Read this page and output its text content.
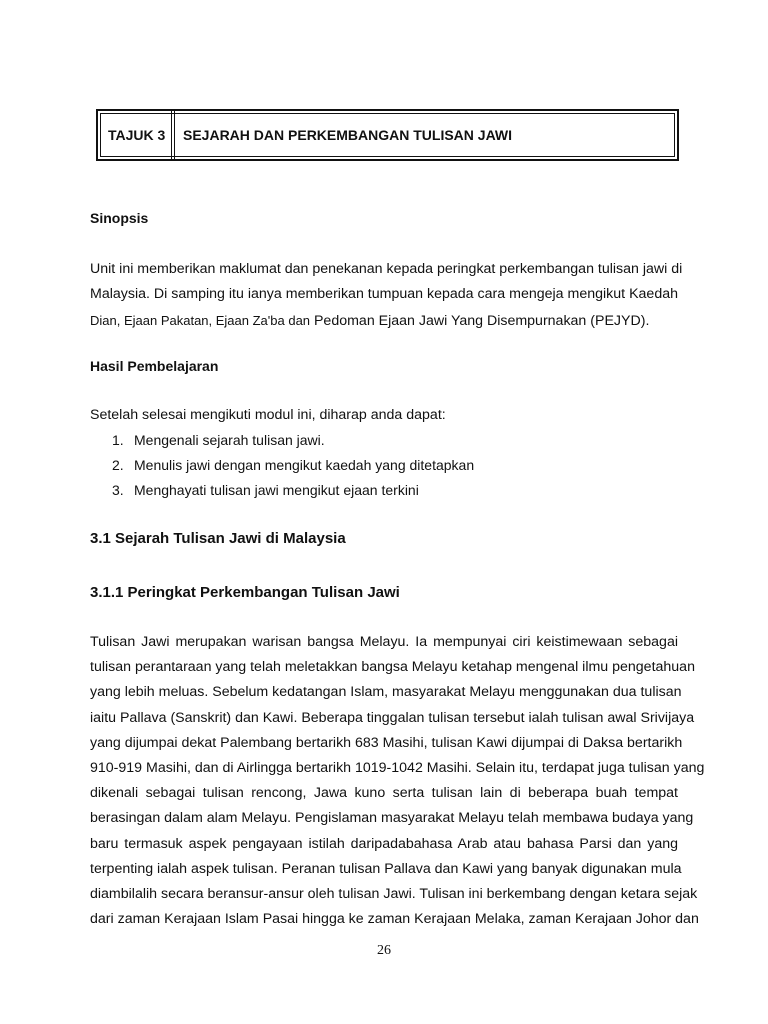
TAJUK 3 SEJARAH DAN PERKEMBANGAN TULISAN JAWI
Sinopsis
Unit ini memberikan maklumat dan penekanan kepada peringkat perkembangan tulisan jawi di
Malaysia. Di samping itu ianya memberikan tumpuan kepada cara mengeja mengikut Kaedah
Dian, Ejaan Pakatan, Ejaan Za'ba dan Pedoman Ejaan Jawi Yang Disempurnakan (PEJYD).
Hasil Pembelajaran
Setelah selesai mengikuti modul ini, diharap anda dapat:
1. Mengenali sejarah tulisan jawi.
2. Menulis jawi dengan mengikut kaedah yang ditetapkan
3. Menghayati tulisan jawi mengikut ejaan terkini
3.1 Sejarah Tulisan Jawi di Malaysia
3.1.1 Peringkat Perkembangan Tulisan Jawi
Tulisan Jawi merupakan warisan bangsa Melayu. Ia mempunyai ciri keistimewaan sebagai
tulisan perantaraan yang telah meletakkan bangsa Melayu ketahap mengenal ilmu pengetahuan
yang lebih meluas. Sebelum kedatangan Islam, masyarakat Melayu menggunakan dua tulisan
iaitu Pallava (Sanskrit) dan Kawi. Beberapa tinggalan tulisan tersebut ialah tulisan awal Srivijaya
yang dijumpai dekat Palembang bertarikh 683 Masihi, tulisan Kawi dijumpai di Daksa bertarikh
910-919 Masihi, dan di Airlingga bertarikh 1019-1042 Masihi. Selain itu, terdapat juga tulisan yang
dikenali sebagai tulisan rencong, Jawa kuno serta tulisan lain di beberapa buah tempat
berasingan dalam alam Melayu. Pengislaman masyarakat Melayu telah membawa budaya yang
baru termasuk aspek pengayaan istilah daripadabahasa Arab atau bahasa Parsi dan yang
terpenting ialah aspek tulisan. Peranan tulisan Pallava dan Kawi yang banyak digunakan mula
diambilalih secara beransur-ansur oleh tulisan Jawi. Tulisan ini berkembang dengan ketara sejak
dari zaman Kerajaan Islam Pasai hingga ke zaman Kerajaan Melaka, zaman Kerajaan Johor dan
26
